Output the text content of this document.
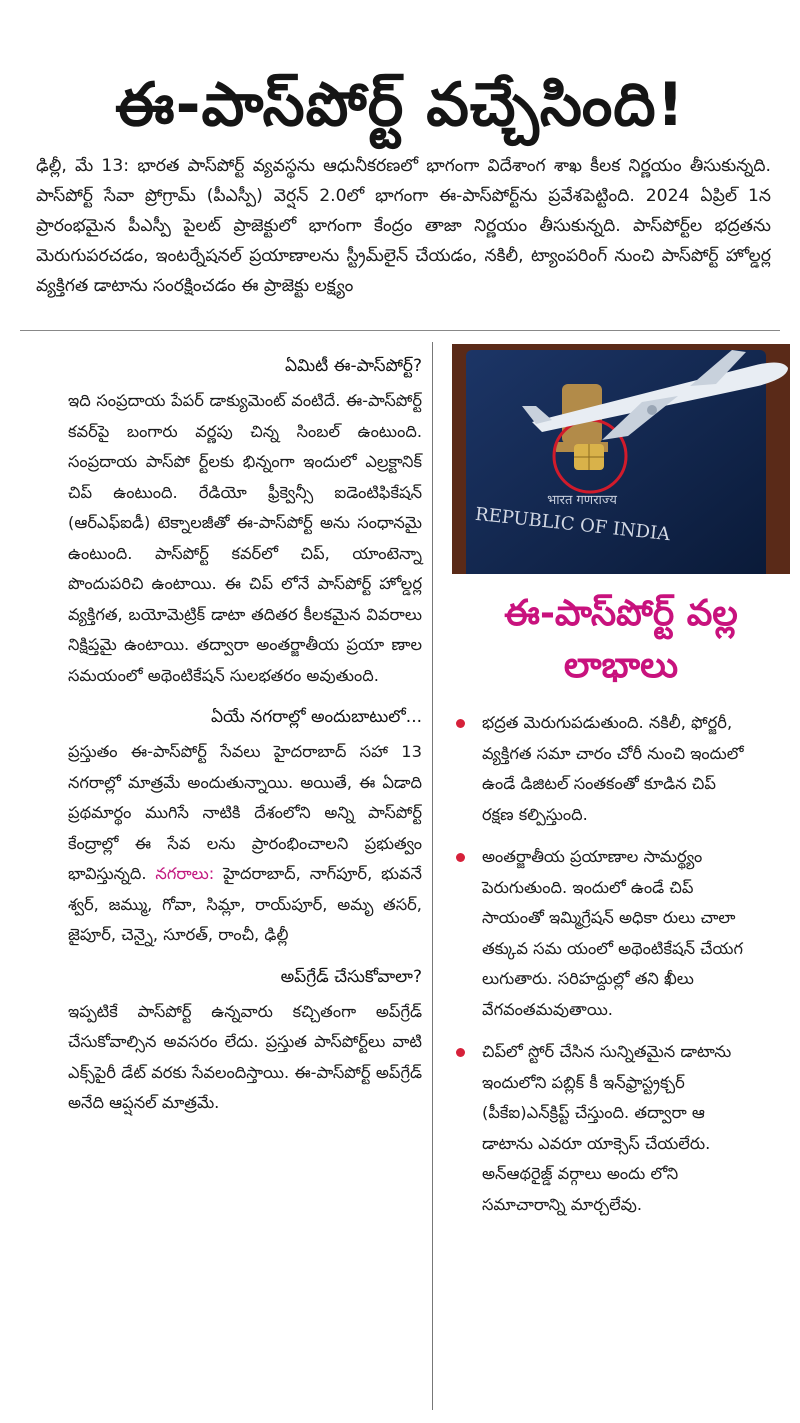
ఈ-పాస్‌పోర్ట్ వచ్చేసింది!

ఢిల్లీ, మే 13: భారత పాస్‌పోర్ట్ వ్యవస్థను ఆధునీకరణలో భాగంగా విదేశాంగ శాఖ కీలక నిర్ణయం తీసుకున్నది. పాస్‌పోర్ట్ సేవా ప్రోగ్రామ్ (పీఎస్పీ) వెర్షన్ 2.0లో భాగంగా ఈ-పాస్‌పోర్ట్‌ను ప్రవేశపెట్టింది. 2024 ఏప్రిల్ 1న ప్రారంభమైన పీఎస్పీ పైలట్ ప్రాజెక్టులో భాగంగా కేంద్రం తాజా నిర్ణయం తీసుకున్నది. పాస్‌పోర్ట్‌ల భద్రతను మెరుగుపరచడం, ఇంటర్నేషనల్ ప్రయాణాలను స్ట్రీమ్‌లైన్ చేయడం, నకిలీ, ట్యాంపరింగ్ నుంచి పాస్‌పోర్ట్ హోల్డర్ల వ్యక్తిగత డాటాను సంరక్షించడం ఈ ప్రాజెక్టు లక్ష్యం

ఏమిటీ ఈ-పాస్‌పోర్ట్?

ఇది సంప్రదాయ పేపర్ డాక్యుమెంట్ వంటిదే. ఈ-పాస్‌పోర్ట్ కవర్‌పై బంగారు వర్ణపు చిన్న సింబల్ ఉంటుంది. సంప్రదాయ పాస్‌పో ర్ట్‌లకు భిన్నంగా ఇందులో ఎల్రక్టానిక్ చిప్ ఉంటుంది. రేడియో ఫ్రీక్వెన్సీ ఐడెంటిఫికేషన్ (ఆర్ఎఫ్ఐడీ) టెక్నాలజీతో ఈ-పాస్‌పోర్ట్ అను సంధానమై ఉంటుంది. పాస్‌పోర్ట్ కవర్‌లో చిప్, యాంటెన్నా పొందుపరిచి ఉంటాయి. ఈ చిప్ లోనే పాస్‌పోర్ట్ హోల్డర్ల వ్యక్తిగత, బయోమెట్రిక్ డాటా తదితర కీలకమైన వివరాలు నిక్షిప్తమై ఉంటాయి. తద్వారా అంతర్జాతీయ ప్రయా ణాల సమయంలో అథెంటికేషన్ సులభతరం అవుతుంది.

ఏయే నగరాల్లో అందుబాటులో...

ప్రస్తుతం ఈ-పాస్‌పోర్ట్ సేవలు హైదరాబాద్ సహా 13 నగరాల్లో మాత్రమే అందుతున్నాయి. అయితే, ఈ ఏడాది ప్రథమార్థం ముగిసే నాటికి దేశంలోని అన్ని పాస్‌పోర్ట్ కేంద్రాల్లో ఈ సేవ లను ప్రారంభించాలని ప్రభుత్వం భావిస్తున్నది. నగరాలు: హైదరాబాద్, నాగ్‌పూర్, భువనే శ్వర్, జమ్ము, గోవా, సిమ్లా, రాయ్‌పూర్, అమృ తసర్, జైపూర్, చెన్నై, సూరత్, రాంచీ, ఢిల్లీ

అప్‌గ్రేడ్ చేసుకోవాలా?

ఇప్పటికే పాస్‌పోర్ట్ ఉన్నవారు కచ్చితంగా అప్‌గ్రేడ్ చేసుకోవాల్సిన అవసరం లేదు. ప్రస్తుత పాస్‌పోర్ట్‌లు వాటి ఎక్స్‌పైరీ డేట్ వరకు సేవలందిస్తాయి. ఈ-పాస్‌పోర్ట్ అప్‌గ్రేడ్ అనేది ఆప్షనల్ మాత్రమే.

भारत गणराज्य
REPUBLIC OF INDIA
ఈ-పాస్‌పోర్ట్ వల్ల లాభాలు
భద్రత మెరుగుపడుతుంది. నకిలీ, ఫోర్జరీ, వ్యక్తిగత సమా చారం చోరీ నుంచి ఇందులో ఉండే డిజిటల్ సంతకంతో కూడిన చిప్ రక్షణ కల్పిస్తుంది.
అంతర్జాతీయ ప్రయాణాల సామర్థ్యం పెరుగుతుంది. ఇందులో ఉండే చిప్ సాయంతో ఇమ్మిగ్రేషన్ అధికా రులు చాలా తక్కువ సమ యంలో అథెంటికేషన్ చేయగ లుగుతారు. సరిహద్దుల్లో తని ఖీలు వేగవంతమవుతాయి.
చిప్‌లో స్టోర్ చేసిన సున్నితమైన డాటాను ఇందులోని పబ్లిక్ కీ ఇన్‌ఫ్రాస్ట్రక్చర్ (పీకేఐ)ఎన్‌క్రిప్ట్ చేస్తుంది. తద్వారా ఆ డాటాను ఎవరూ యాక్సెస్ చేయలేరు. అన్‌ఆథరైజ్డ్ వర్గాలు అందు లోని సమాచారాన్ని మార్చలేవు.
